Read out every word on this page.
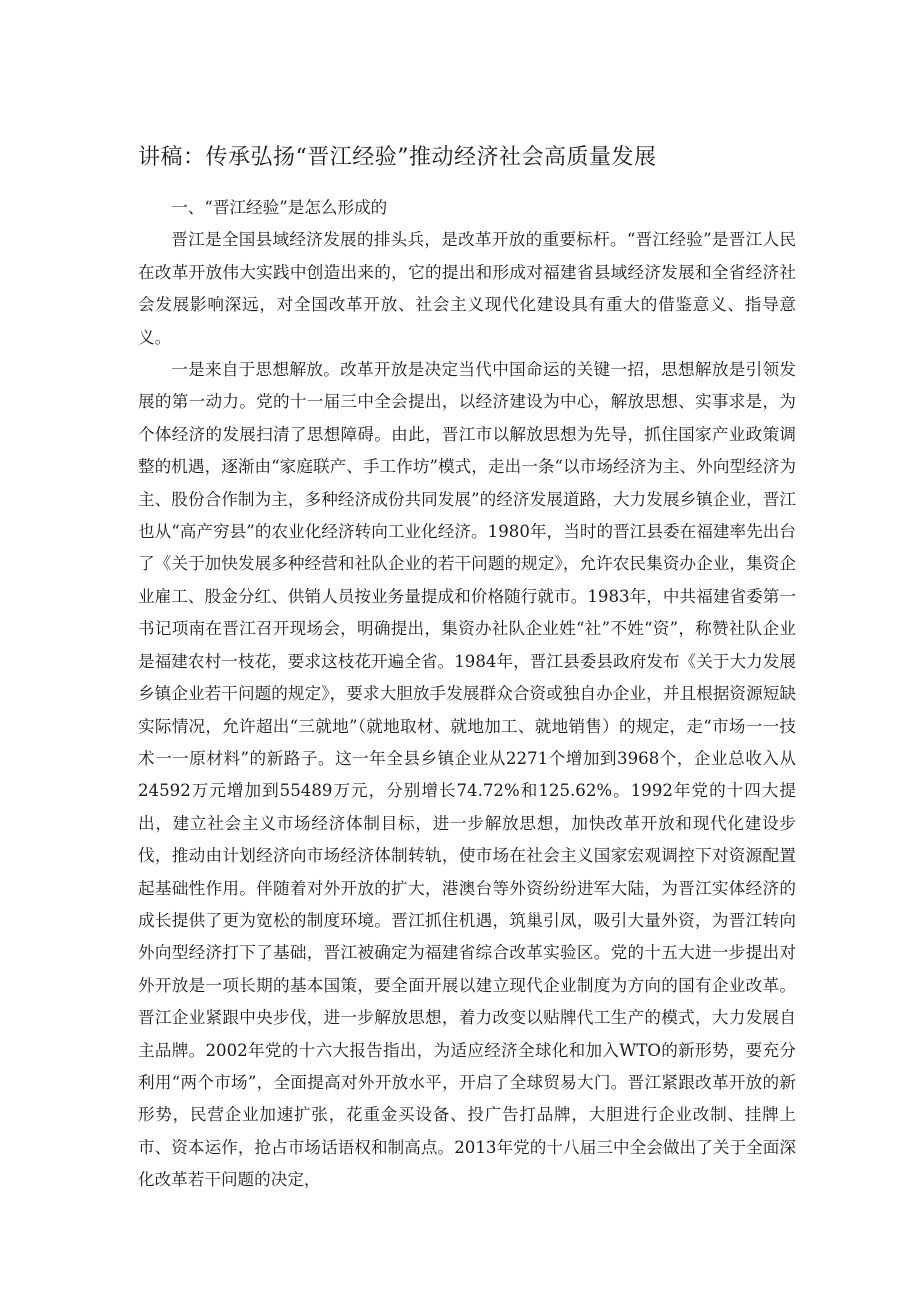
讲稿：传承弘扬“晋江经验”推动经济社会高质量发展

一、“晋江经验”是怎么形成的

晋江是全国县域经济发展的排头兵，是改革开放的重要标杆。“晋江经验”是晋江人民在改革开放伟大实践中创造出来的，它的提出和形成对福建省县域经济发展和全省经济社会发展影响深远，对全国改革开放、社会主义现代化建设具有重大的借鉴意义、指导意义。

一是来自于思想解放。改革开放是决定当代中国命运的关键一招，思想解放是引领发展的第一动力。党的十一届三中全会提出，以经济建设为中心，解放思想、实事求是，为个体经济的发展扫清了思想障碍。由此，晋江市以解放思想为先导，抓住国家产业政策调整的机遇，逐渐由“家庭联产、手工作坊”模式，走出一条“以市场经济为主、外向型经济为主、股份合作制为主，多种经济成份共同发展”的经济发展道路，大力发展乡镇企业，晋江也从“高产穷县”的农业化经济转向工业化经济。1980年，当时的晋江县委在福建率先出台了《关于加快发展多种经营和社队企业的若干问题的规定》，允许农民集资办企业，集资企业雇工、股金分红、供销人员按业务量提成和价格随行就市。1983年，中共福建省委第一书记项南在晋江召开现场会，明确提出，集资办社队企业姓“社”不姓“资”，称赞社队企业是福建农村一枝花，要求这枝花开遍全省。1984年，晋江县委县政府发布《关于大力发展乡镇企业若干问题的规定》，要求大胆放手发展群众合资或独自办企业，并且根据资源短缺实际情况，允许超出“三就地”（就地取材、就地加工、就地销售）的规定，走“市场一一技术一一原材料”的新路子。这一年全县乡镇企业从2271个增加到3968个，企业总收入从24592万元增加到55489万元，分别增长74.72%和125.62%。1992年党的十四大提出，建立社会主义市场经济体制目标，进一步解放思想，加快改革开放和现代化建设步伐，推动由计划经济向市场经济体制转轨，使市场在社会主义国家宏观调控下对资源配置起基础性作用。伴随着对外开放的扩大，港澳台等外资纷纷进军大陆，为晋江实体经济的成长提供了更为宽松的制度环境。晋江抓住机遇，筑巢引凤，吸引大量外资，为晋江转向外向型经济打下了基础，晋江被确定为福建省综合改革实验区。党的十五大进一步提出对外开放是一项长期的基本国策，要全面开展以建立现代企业制度为方向的国有企业改革。晋江企业紧跟中央步伐，进一步解放思想，着力改变以贴牌代工生产的模式，大力发展自主品牌。2002年党的十六大报告指出，为适应经济全球化和加入WTO的新形势，要充分利用“两个市场”，全面提高对外开放水平，开启了全球贸易大门。晋江紧跟改革开放的新形势，民营企业加速扩张，花重金买设备、投广告打品牌，大胆进行企业改制、挂牌上市、资本运作，抢占市场话语权和制高点。2013年党的十八届三中全会做出了关于全面深化改革若干问题的决定，
